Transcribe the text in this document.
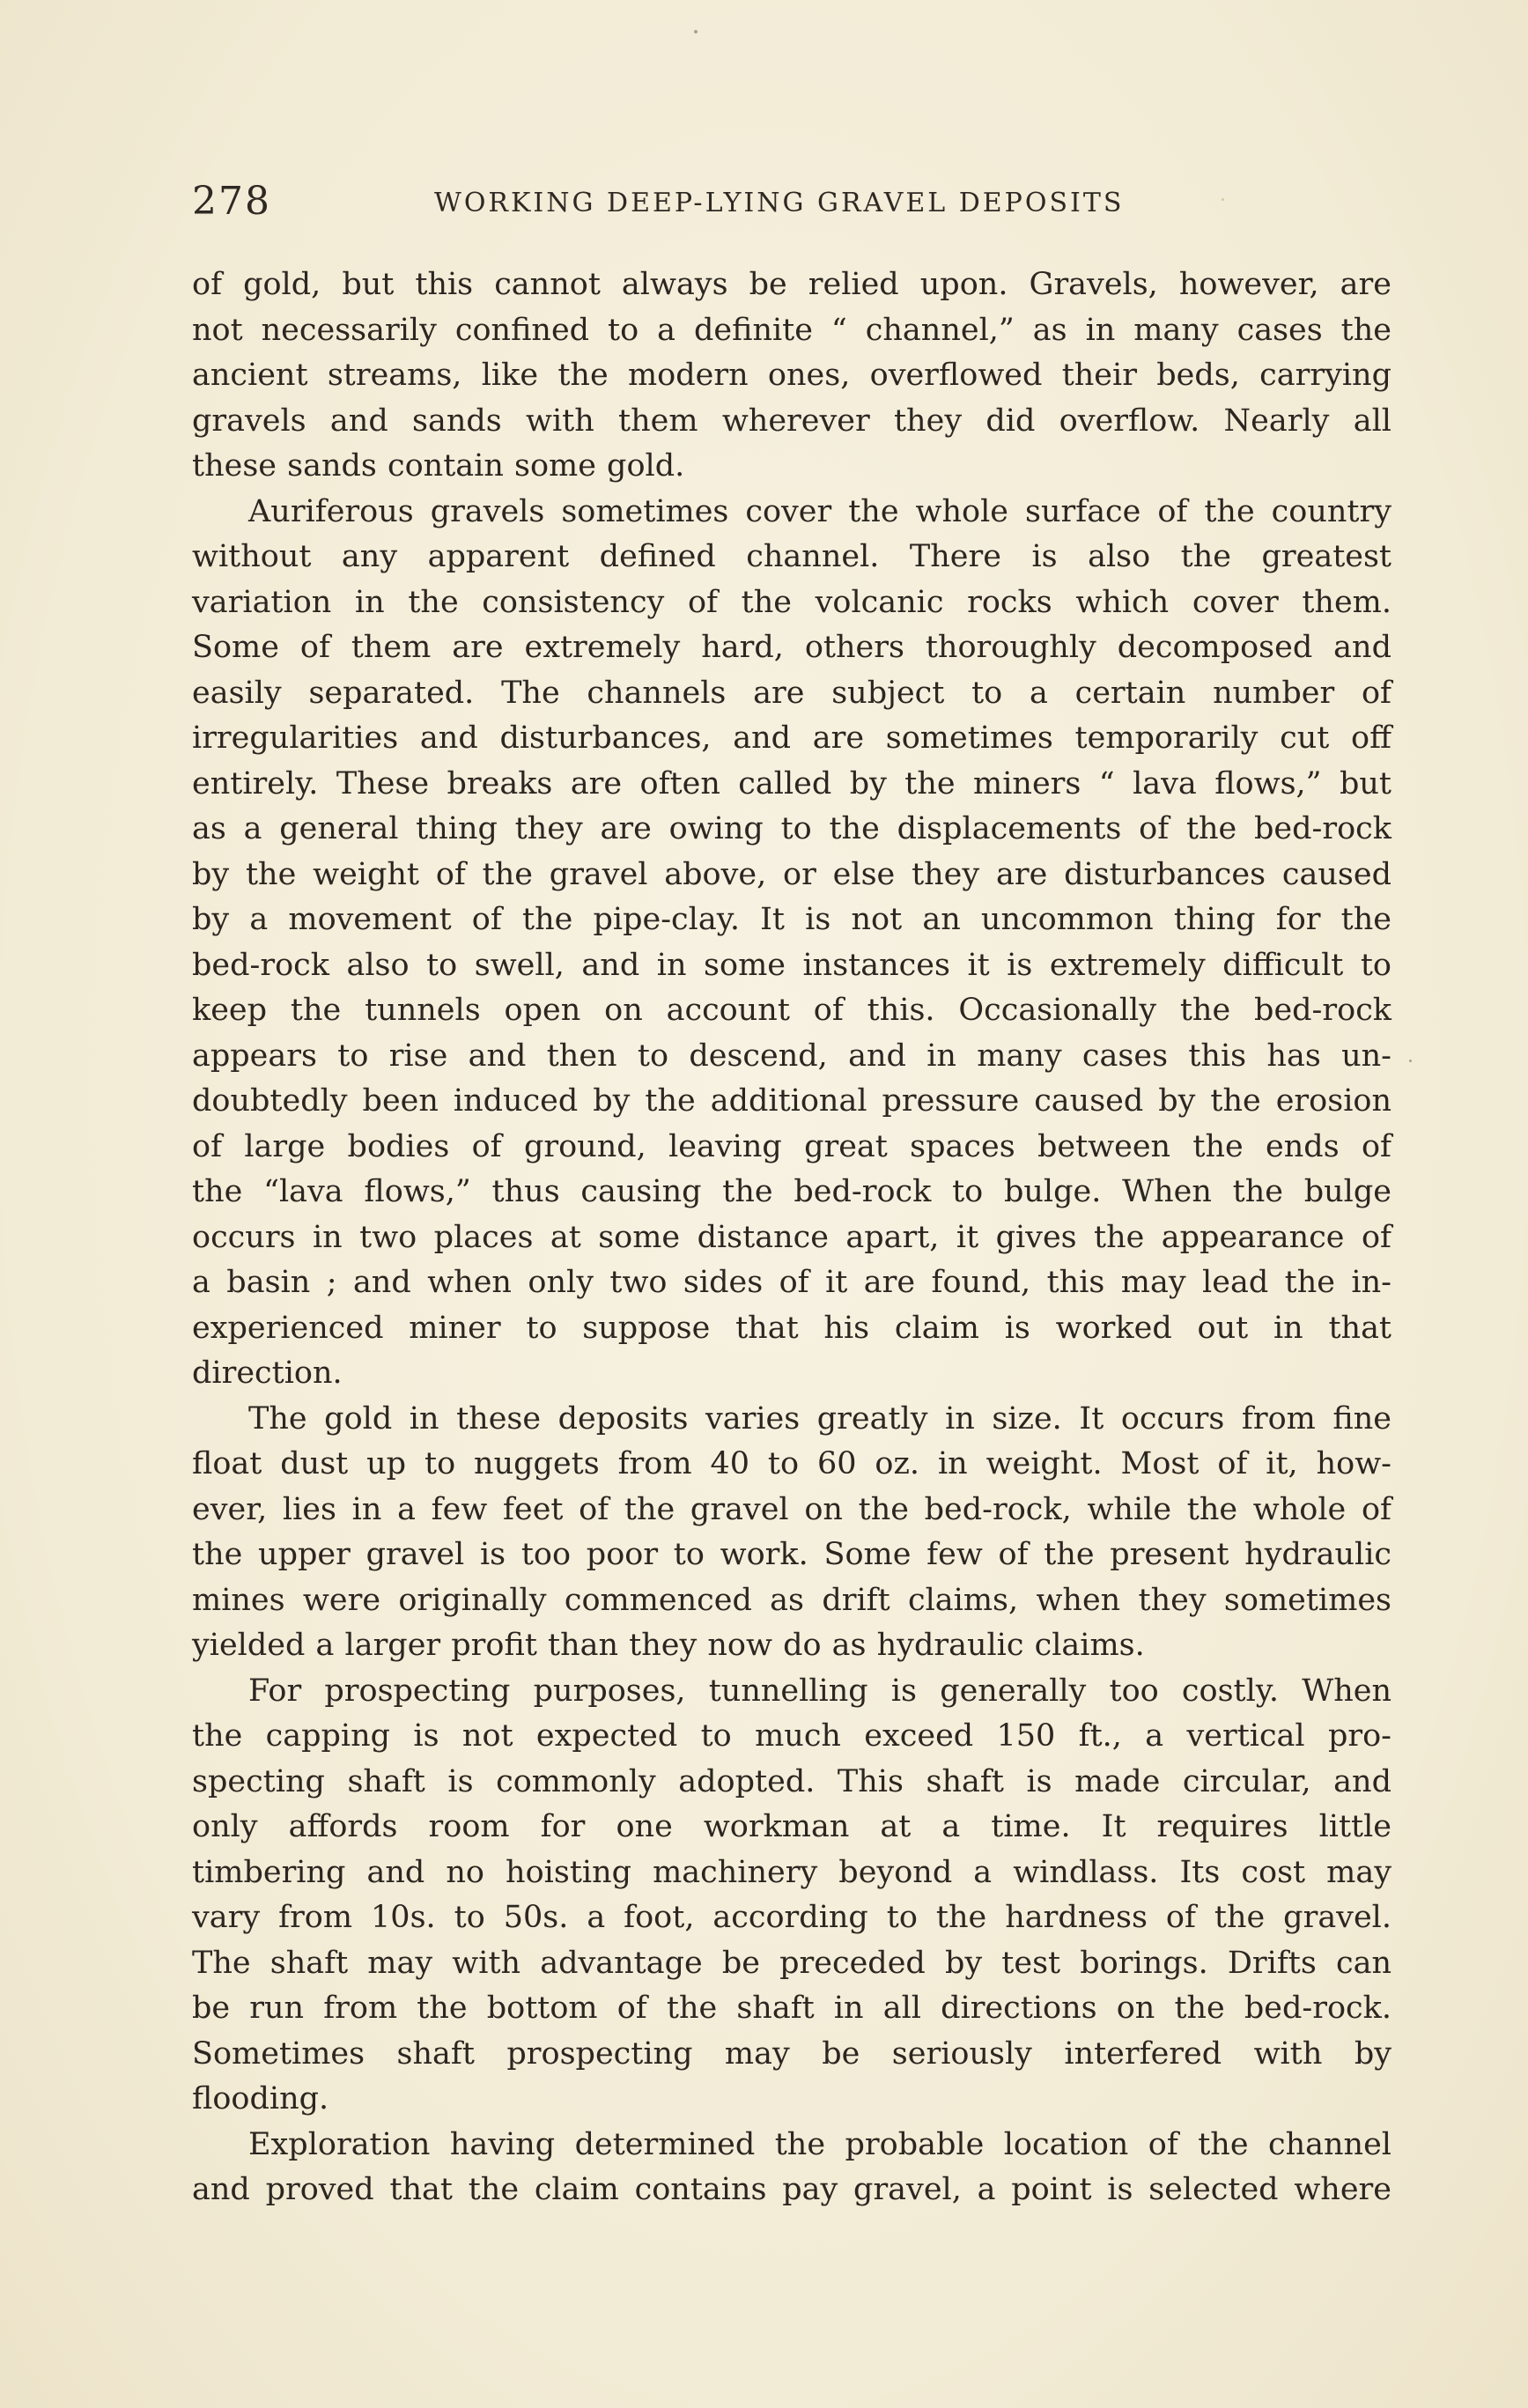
278	WORKING DEEP-LYING GRAVEL DEPOSITS
of gold, but this cannot always be relied upon. Gravels, however, are
not necessarily confined to a definite “ channel,” as in many cases the
ancient streams, like the modern ones, overflowed their beds, carrying
gravels and sands with them wherever they did overflow. Nearly all
these sands contain some gold.
Auriferous gravels sometimes cover the whole surface of the country
without any apparent defined channel. There is also the greatest
variation in the consistency of the volcanic rocks which cover them.
Some of them are extremely hard, others thoroughly decomposed and
easily separated. The channels are subject to a certain number of
irregularities and disturbances, and are sometimes temporarily cut off
entirely. These breaks are often called by the miners “ lava flows,” but
as a general thing they are owing to the displacements of the bed-rock
by the weight of the gravel above, or else they are disturbances caused
by a movement of the pipe-clay. It is not an uncommon thing for the
bed-rock also to swell, and in some instances it is extremely difficult to
keep the tunnels open on account of this. Occasionally the bed-rock
appears to rise and then to descend, and in many cases this has un-
doubtedly been induced by the additional pressure caused by the erosion
of large bodies of ground, leaving great spaces between the ends of
the “lava flows,” thus causing the bed-rock to bulge. When the bulge
occurs in two places at some distance apart, it gives the appearance of
a basin ; and when only two sides of it are found, this may lead the in-
experienced miner to suppose that his claim is worked out in that
direction.
The gold in these deposits varies greatly in size. It occurs from fine
float dust up to nuggets from 40 to 60 oz. in weight. Most of it, how-
ever, lies in a few feet of the gravel on the bed-rock, while the whole of
the upper gravel is too poor to work. Some few of the present hydraulic
mines were originally commenced as drift claims, when they sometimes
yielded a larger profit than they now do as hydraulic claims.
For prospecting purposes, tunnelling is generally too costly. When
the capping is not expected to much exceed 150 ft., a vertical pro-
specting shaft is commonly adopted. This shaft is made circular, and
only affords room for one workman at a time. It requires little
timbering and no hoisting machinery beyond a windlass. Its cost may
vary from 10s. to 50s. a foot, according to the hardness of the gravel.
The shaft may with advantage be preceded by test borings. Drifts can
be run from the bottom of the shaft in all directions on the bed-rock.
Sometimes shaft prospecting may be seriously interfered with by
flooding.
Exploration having determined the probable location of the channel
and proved that the claim contains pay gravel, a point is selected where
